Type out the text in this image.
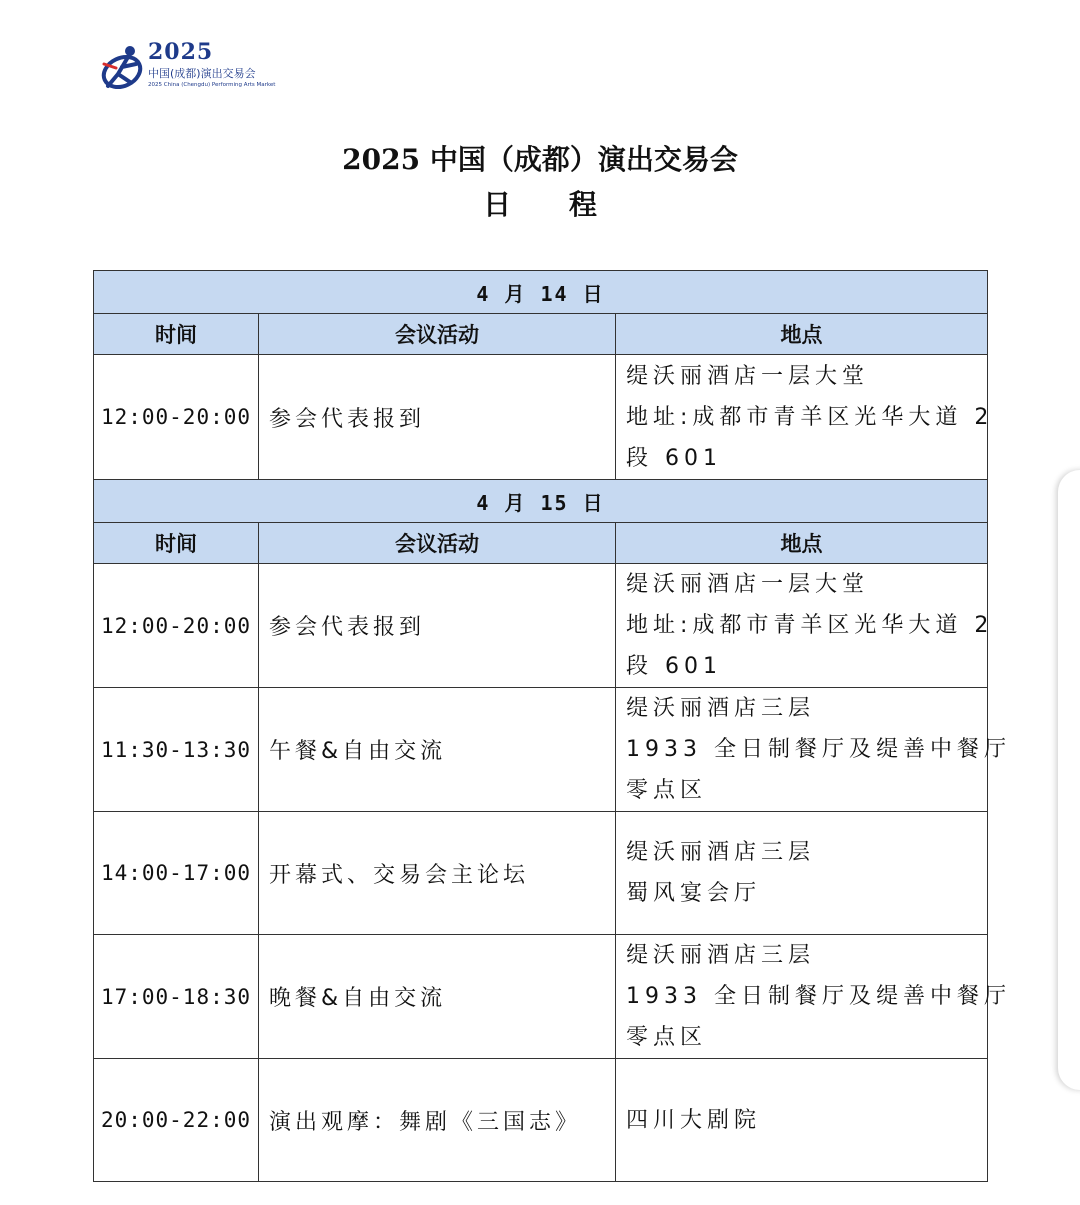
2025
中国(成都)演出交易会
2025 China (Chengdu) Performing Arts Market
2025 中国（成都）演出交易会
日 程
4 月 14 日		
时间	会议活动	地点
12:00-20:00	参会代表报到	缇沃丽酒店一层大堂
地址:成都市青羊区光华大道 2
段 601

4 月 15 日		
时间	会议活动	地点
12:00-20:00	参会代表报到	缇沃丽酒店一层大堂
地址:成都市青羊区光华大道 2
段 601

11:30-13:30	午餐&自由交流	缇沃丽酒店三层
1933 全日制餐厅及缇善中餐厅
零点区

14:00-17:00	开幕式、交易会主论坛	缇沃丽酒店三层
蜀风宴会厅

17:00-18:30	晚餐&自由交流	缇沃丽酒店三层
1933 全日制餐厅及缇善中餐厅
零点区

20:00-22:00	演出观摩：舞剧《三国志》	四川大剧院
